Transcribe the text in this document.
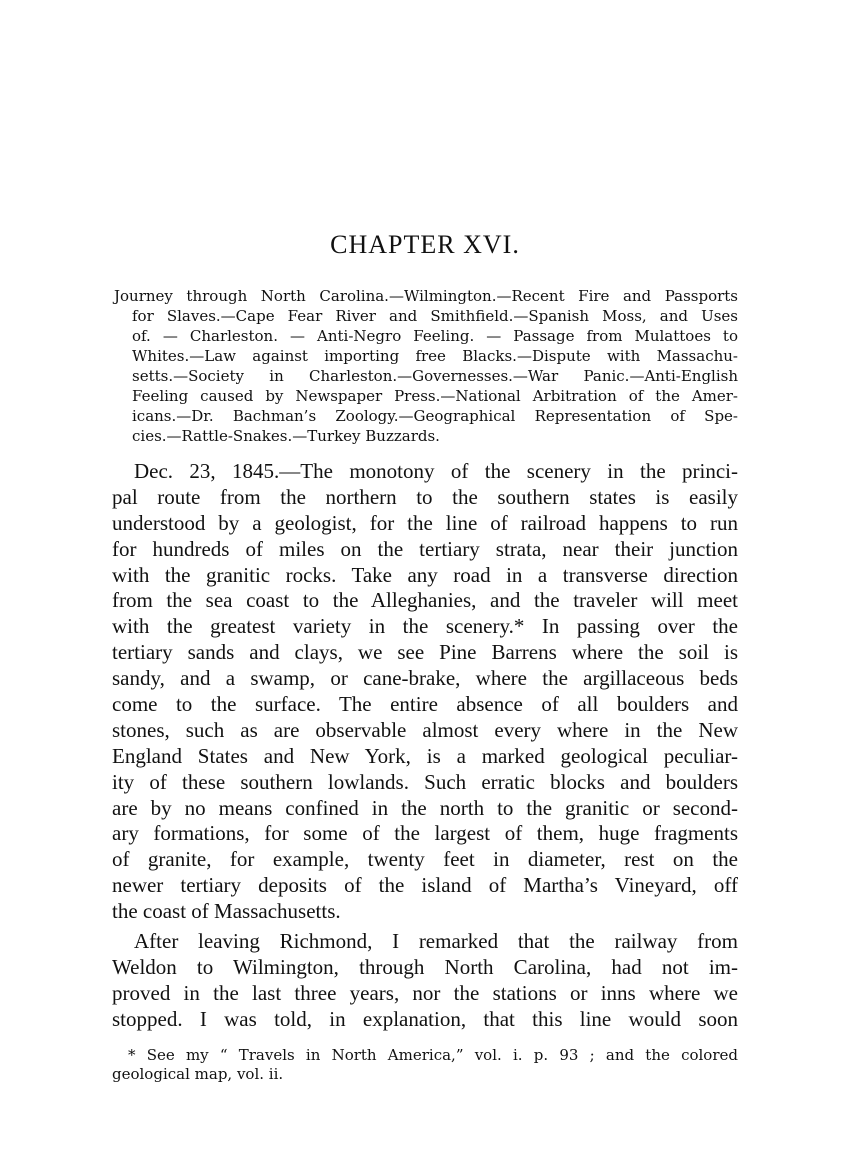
CHAPTER XVI.

Journey through North Carolina.—Wilmington.—Recent Fire and Passports
for Slaves.—Cape Fear River and Smithfield.—Spanish Moss, and Uses
of. — Charleston. — Anti-Negro Feeling. — Passage from Mulattoes to
Whites.—Law against importing free Blacks.—Dispute with Massachu-
setts.—Society in Charleston.—Governesses.—War Panic.—Anti-English
Feeling caused by Newspaper Press.—National Arbitration of the Amer-
icans.—Dr. Bachman’s Zoology.—Geographical Representation of Spe-
cies.—Rattle-Snakes.—Turkey Buzzards.

Dec. 23, 1845.—The monotony of the scenery in the princi-
pal route from the northern to the southern states is easily
understood by a geologist, for the line of railroad happens to run
for hundreds of miles on the tertiary strata, near their junction
with the granitic rocks. Take any road in a transverse direction
from the sea coast to the Alleghanies, and the traveler will meet
with the greatest variety in the scenery.* In passing over the
tertiary sands and clays, we see Pine Barrens where the soil is
sandy, and a swamp, or cane-brake, where the argillaceous beds
come to the surface. The entire absence of all boulders and
stones, such as are observable almost every where in the New
England States and New York, is a marked geological peculiar-
ity of these southern lowlands. Such erratic blocks and boulders
are by no means confined in the north to the granitic or second-
ary formations, for some of the largest of them, huge fragments
of granite, for example, twenty feet in diameter, rest on the
newer tertiary deposits of the island of Martha’s Vineyard, off
the coast of Massachusetts.

After leaving Richmond, I remarked that the railway from
Weldon to Wilmington, through North Carolina, had not im-
proved in the last three years, nor the stations or inns where we
stopped. I was told, in explanation, that this line would soon

* See my “ Travels in North America,” vol. i. p. 93 ; and the colored
geological map, vol. ii.
